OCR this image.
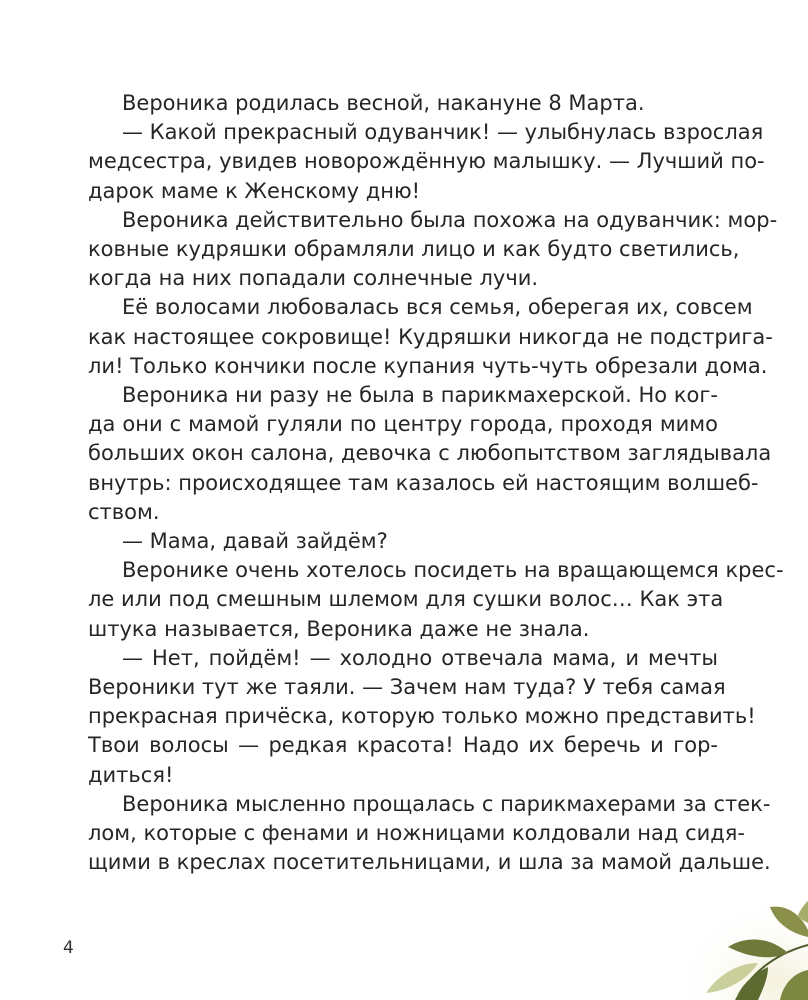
Вероника родилась весной, накануне 8 Марта.

— Какой прекрасный одуванчик! — улыбнулась взрослая
медсестра, увидев новорождённую малышку. — Лучший по-
дарок маме к Женскому дню!

Вероника действительно была похожа на одуванчик: мор-
ковные кудряшки обрамляли лицо и как будто светились,
когда на них попадали солнечные лучи.

Её волосами любовалась вся семья, оберегая их, совсем
как настоящее сокровище! Кудряшки никогда не подстрига-
ли! Только кончики после купания чуть-чуть обрезали дома.

Вероника ни разу не была в парикмахерской. Но ког-
да они с мамой гуляли по центру города, проходя мимо
больших окон салона, девочка с любопытством заглядывала
внутрь: происходящее там казалось ей настоящим волшеб-
ством.

— Мама, давай зайдём?

Веронике очень хотелось посидеть на вращающемся крес-
ле или под смешным шлемом для сушки волос… Как эта
штука называется, Вероника даже не знала.

— Нет, пойдём! — холодно отвечала мама, и мечты
Вероники тут же таяли. — Зачем нам туда? У тебя самая
прекрасная причёска, которую только можно представить!
Твои волосы — редкая красота! Надо их беречь и гор-
диться!

Вероника мысленно прощалась с парикмахерами за стек-
лом, которые с фенами и ножницами колдовали над сидя-
щими в креслах посетительницами, и шла за мамой дальше.

4
